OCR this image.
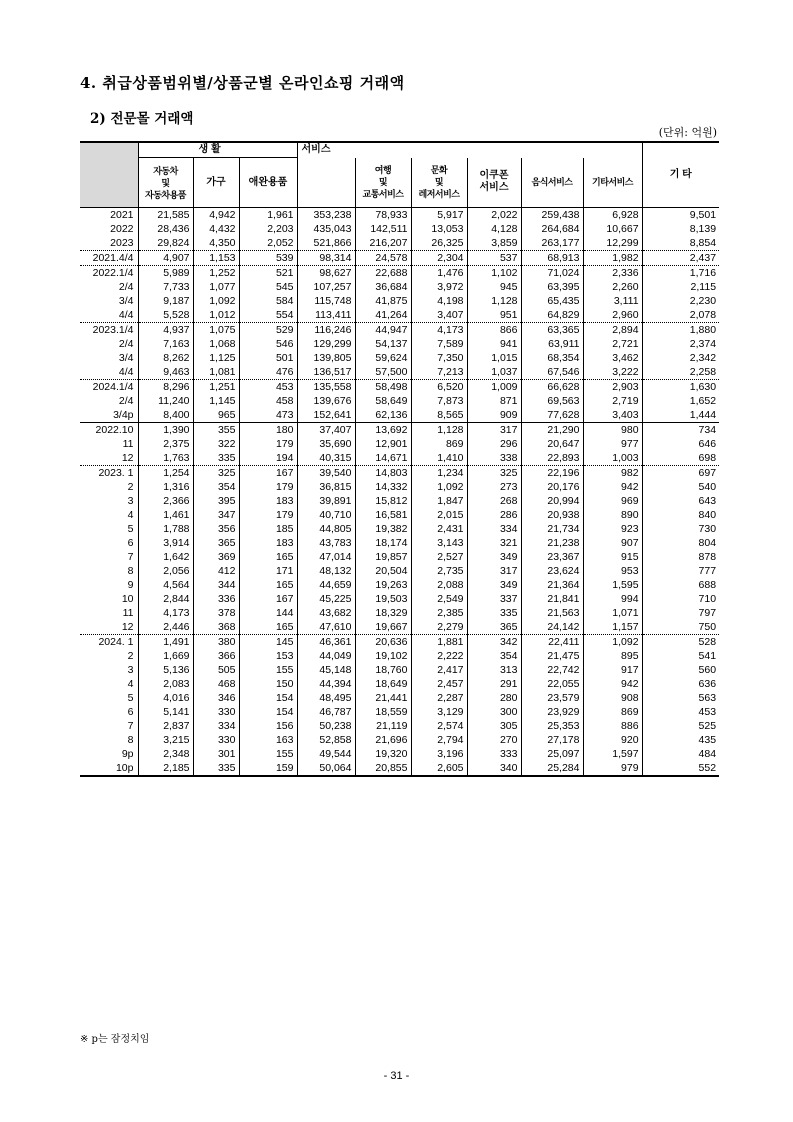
4. 취급상품범위별/상품군별 온라인쇼핑 거래액
2) 전문몰 거래액
(단위: 억원)
	생 활			서비스						기 타
	자동차
및
자동차용품	가구	애완용품		여행
및
교통서비스	문화
및
레저서비스	이쿠폰
서비스	음식서비스	기타서비스	
2021	21,585	4,942	1,961	353,238	78,933	5,917	2,022	259,438	6,928	9,501
2022	28,436	4,432	2,203	435,043	142,511	13,053	4,128	264,684	10,667	8,139
2023	29,824	4,350	2,052	521,866	216,207	26,325	3,859	263,177	12,299	8,854
2021.4/4	4,907	1,153	539	98,314	24,578	2,304	537	68,913	1,982	2,437
2022.1/4	5,989	1,252	521	98,627	22,688	1,476	1,102	71,024	2,336	1,716
2/4	7,733	1,077	545	107,257	36,684	3,972	945	63,395	2,260	2,115
3/4	9,187	1,092	584	115,748	41,875	4,198	1,128	65,435	3,111	2,230
4/4	5,528	1,012	554	113,411	41,264	3,407	951	64,829	2,960	2,078
2023.1/4	4,937	1,075	529	116,246	44,947	4,173	866	63,365	2,894	1,880
2/4	7,163	1,068	546	129,299	54,137	7,589	941	63,911	2,721	2,374
3/4	8,262	1,125	501	139,805	59,624	7,350	1,015	68,354	3,462	2,342
4/4	9,463	1,081	476	136,517	57,500	7,213	1,037	67,546	3,222	2,258
2024.1/4	8,296	1,251	453	135,558	58,498	6,520	1,009	66,628	2,903	1,630
2/4	11,240	1,145	458	139,676	58,649	7,873	871	69,563	2,719	1,652
3/4p	8,400	965	473	152,641	62,136	8,565	909	77,628	3,403	1,444
2022.10	1,390	355	180	37,407	13,692	1,128	317	21,290	980	734
11	2,375	322	179	35,690	12,901	869	296	20,647	977	646
12	1,763	335	194	40,315	14,671	1,410	338	22,893	1,003	698
2023. 1	1,254	325	167	39,540	14,803	1,234	325	22,196	982	697
2	1,316	354	179	36,815	14,332	1,092	273	20,176	942	540
3	2,366	395	183	39,891	15,812	1,847	268	20,994	969	643
4	1,461	347	179	40,710	16,581	2,015	286	20,938	890	840
5	1,788	356	185	44,805	19,382	2,431	334	21,734	923	730
6	3,914	365	183	43,783	18,174	3,143	321	21,238	907	804
7	1,642	369	165	47,014	19,857	2,527	349	23,367	915	878
8	2,056	412	171	48,132	20,504	2,735	317	23,624	953	777
9	4,564	344	165	44,659	19,263	2,088	349	21,364	1,595	688
10	2,844	336	167	45,225	19,503	2,549	337	21,841	994	710
11	4,173	378	144	43,682	18,329	2,385	335	21,563	1,071	797
12	2,446	368	165	47,610	19,667	2,279	365	24,142	1,157	750
2024. 1	1,491	380	145	46,361	20,636	1,881	342	22,411	1,092	528
2	1,669	366	153	44,049	19,102	2,222	354	21,475	895	541
3	5,136	505	155	45,148	18,760	2,417	313	22,742	917	560
4	2,083	468	150	44,394	18,649	2,457	291	22,055	942	636
5	4,016	346	154	48,495	21,441	2,287	280	23,579	908	563
6	5,141	330	154	46,787	18,559	3,129	300	23,929	869	453
7	2,837	334	156	50,238	21,119	2,574	305	25,353	886	525
8	3,215	330	163	52,858	21,696	2,794	270	27,178	920	435
9p	2,348	301	155	49,544	19,320	3,196	333	25,097	1,597	484
10p	2,185	335	159	50,064	20,855	2,605	340	25,284	979	552
※ p는 잠정치임
- 31 -
